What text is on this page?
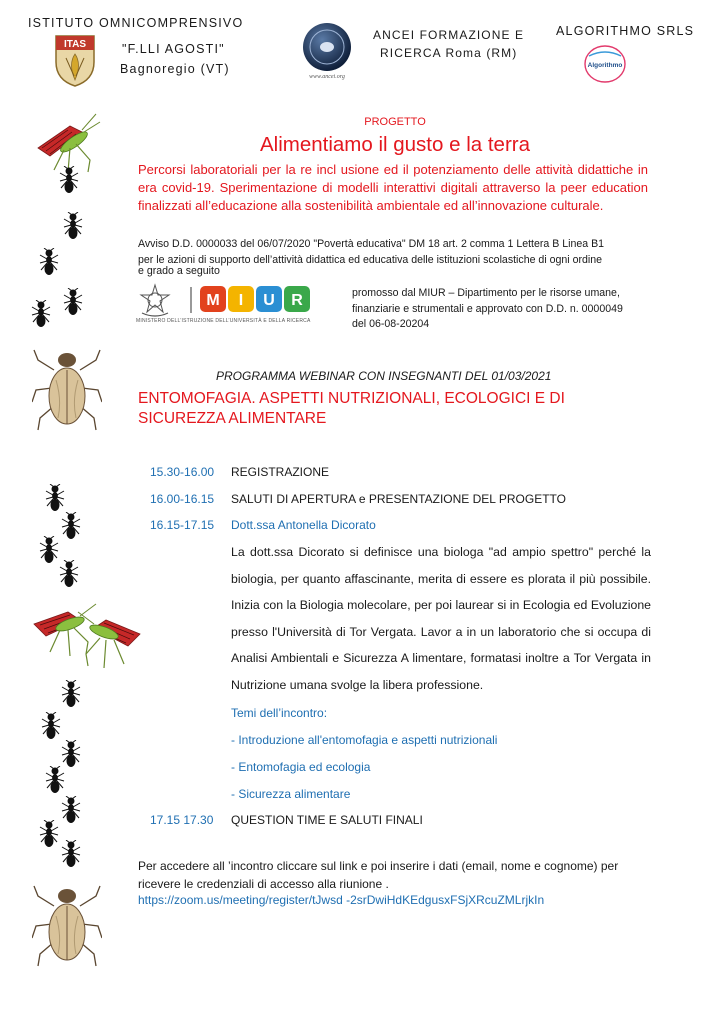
ISTITUTO OMNICOMPRENSIVO
ITAS	"F.LLI AGOSTI"
Bagnoregio (VT)
www.ancei.org
ANCEI FORMAZIONE E
RICERCA Roma (RM)
ALGORITHMO SRLS
Algorithmo
PROGETTO
Alimentiamo il gusto e la terra
Percorsi laboratoriali per la re incl usione ed il potenziamento delle attività didattiche in era covid-19. Sperimentazione di modelli interattivi digitali attraverso la peer education finalizzati all’educazione alla sostenibilità ambientale ed all’innovazione culturale.
Avviso D.D. 0000033 del 06/07/2020 "Povertà educativa" DM 18 art. 2 comma 1 Lettera B Linea B1
per le azioni di supporto dell’attività didattica ed educativa delle istituzioni scolastiche di ogni ordine
e grado a seguito
M I U R
MINISTERO DELL’ISTRUZIONE DELL’UNIVERSITÀ E DELLA RICERCA
promosso dal MIUR – Dipartimento per le risorse umane,
finanziarie e strumentali e approvato con D.D. n. 0000049
del 06-08-20204
PROGRAMMA WEBINAR CON INSEGNANTI DEL 01/03/2021
ENTOMOFAGIA. ASPETTI NUTRIZIONALI, ECOLOGICI E DI SICUREZZA ALIMENTARE
15.30-16.00 REGISTRAZIONE
16.00-16.15 SALUTI DI APERTURA e PRESENTAZIONE DEL PROGETTO
16.15-17.15 Dott.ssa Antonella Dicorato
La dott.ssa Dicorato si definisce una biologa "ad ampio spettro" perché la biologia, per quanto affascinante, merita di essere es plorata il più possibile. Inizia con la Biologia molecolare, per poi laurear si in Ecologia ed Evoluzione presso l'Università di Tor Vergata. Lavor a in un laboratorio che si occupa di Analisi Ambientali e Sicurezza A limentare, formatasi inoltre a Tor Vergata in Nutrizione umana svolge la libera professione.
Temi dell’incontro:
- Introduzione all'entomofagia e aspetti nutrizionali
- Entomofagia ed ecologia
- Sicurezza alimentare
17.15 17.30 QUESTION TIME E SALUTI FINALI
Per accedere all ’incontro cliccare sul link e poi inserire i dati (email, nome e cognome) per ricevere le credenziali di accesso alla riunione .
https://zoom.us/meeting/register/tJwsd -2srDwiHdKEdgusxFSjXRcuZMLrjkIn
